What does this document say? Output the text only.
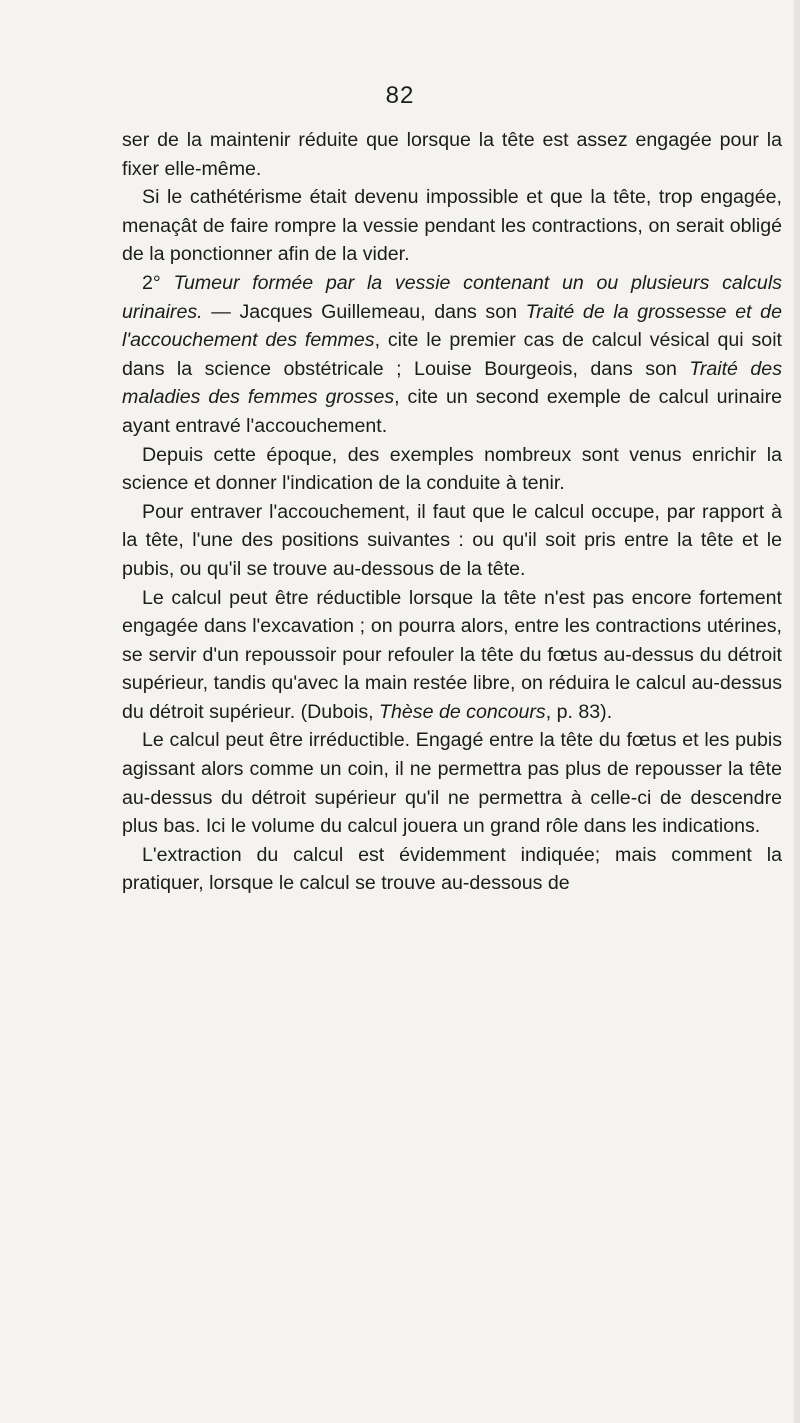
82

ser de la maintenir réduite que lorsque la tête est assez engagée pour la fixer elle-même.

Si le cathétérisme était devenu impossible et que la tête, trop engagée, menaçât de faire rompre la vessie pendant les contractions, on serait obligé de la ponctionner afin de la vider.

2° Tumeur formée par la vessie contenant un ou plusieurs calculs urinaires. — Jacques Guillemeau, dans son Traité de la grossesse et de l'accouchement des femmes, cite le premier cas de calcul vésical qui soit dans la science obstétricale ; Louise Bourgeois, dans son Traité des maladies des femmes grosses, cite un second exemple de calcul urinaire ayant entravé l'accouchement.

Depuis cette époque, des exemples nombreux sont venus enrichir la science et donner l'indication de la conduite à tenir.

Pour entraver l'accouchement, il faut que le calcul occupe, par rapport à la tête, l'une des positions suivantes : ou qu'il soit pris entre la tête et le pubis, ou qu'il se trouve au-dessous de la tête.

Le calcul peut être réductible lorsque la tête n'est pas encore fortement engagée dans l'excavation ; on pourra alors, entre les contractions utérines, se servir d'un repoussoir pour refouler la tête du fœtus au-dessus du détroit supérieur, tandis qu'avec la main restée libre, on réduira le calcul au-dessus du détroit supérieur. (Dubois, Thèse de concours, p. 83).

Le calcul peut être irréductible. Engagé entre la tête du fœtus et les pubis agissant alors comme un coin, il ne permettra pas plus de repousser la tête au-dessus du détroit supérieur qu'il ne permettra à celle-ci de descendre plus bas. Ici le volume du calcul jouera un grand rôle dans les indications.

L'extraction du calcul est évidemment indiquée; mais comment la pratiquer, lorsque le calcul se trouve au-dessous de
